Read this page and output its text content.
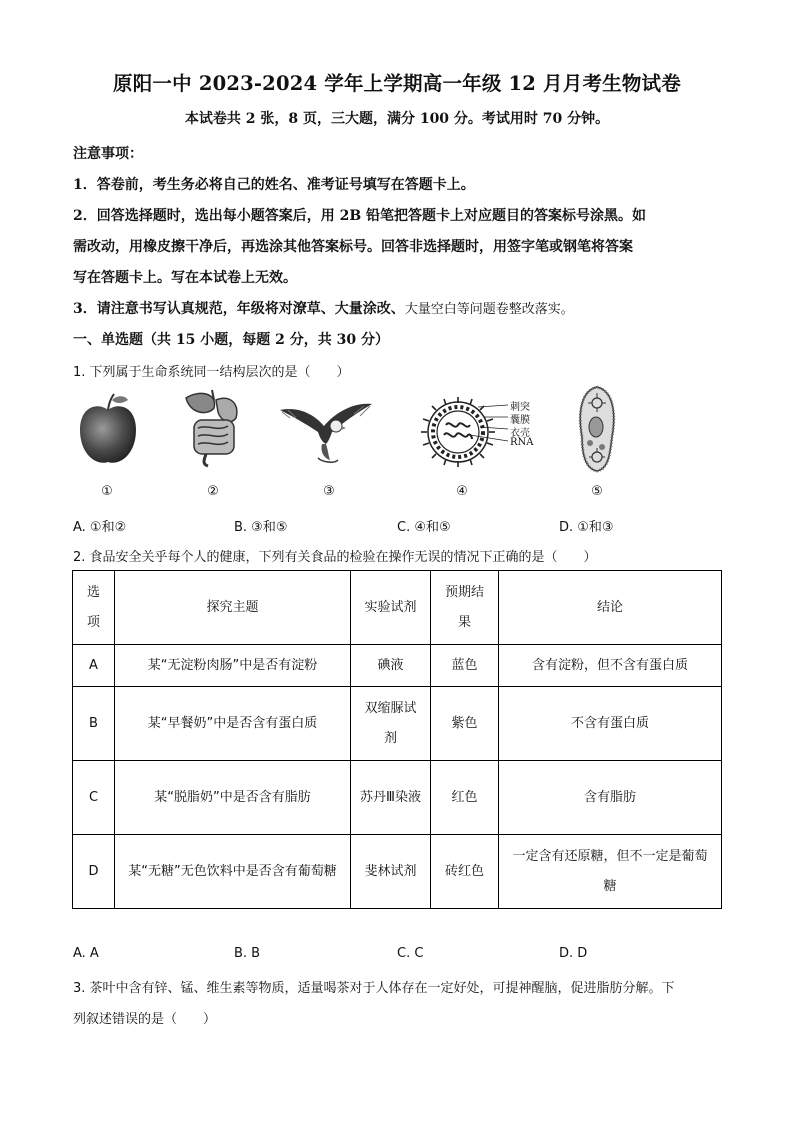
原阳一中 2023-2024 学年上学期高一年级 12 月月考生物试卷
本试卷共 2 张，8 页，三大题，满分 100 分。考试用时 70 分钟。
注意事项：
1．答卷前，考生务必将自己的姓名、准考证号填写在答题卡上。
2．回答选择题时，选出每小题答案后，用 2B 铅笔把答题卡上对应题目的答案标号涂黑。如
需改动，用橡皮擦干净后，再选涂其他答案标号。回答非选择题时，用签字笔或钢笔将答案
写在答题卡上。写在本试卷上无效。
3．请注意书写认真规范，年级将对潦草、大量涂改、大量空白等问题卷整改落实。
一、单选题（共 15 小题，每题 2 分，共 30 分）
1. 下列属于生命系统同一结构层次的是（　　）
刺突
囊膜
衣壳
RNA
①	②	③	④	⑤
A. ①和②	B. ③和⑤	C. ④和⑤	D. ①和③
2. 食品安全关乎每个人的健康，下列有关食品的检验在操作无误的情况下正确的是（　　）
选项	探究主题	实验试剂	预期结果	结论
A	某“无淀粉肉肠”中是否有淀粉	碘液	蓝色	含有淀粉，但不含有蛋白质
B	某“早餐奶”中是否含有蛋白质	双缩脲试剂	紫色	不含有蛋白质
C	某“脱脂奶”中是否含有脂肪	苏丹Ⅲ染液	红色	含有脂肪
D	某“无糖”无色饮料中是否含有葡萄糖	斐林试剂	砖红色	一定含有还原糖，但不一定是葡萄糖
A. A	B. B	C. C	D. D
3. 茶叶中含有锌、锰、维生素等物质，适量喝茶对于人体存在一定好处，可提神醒脑，促进脂肪分解。下
列叙述错误的是（　　）
